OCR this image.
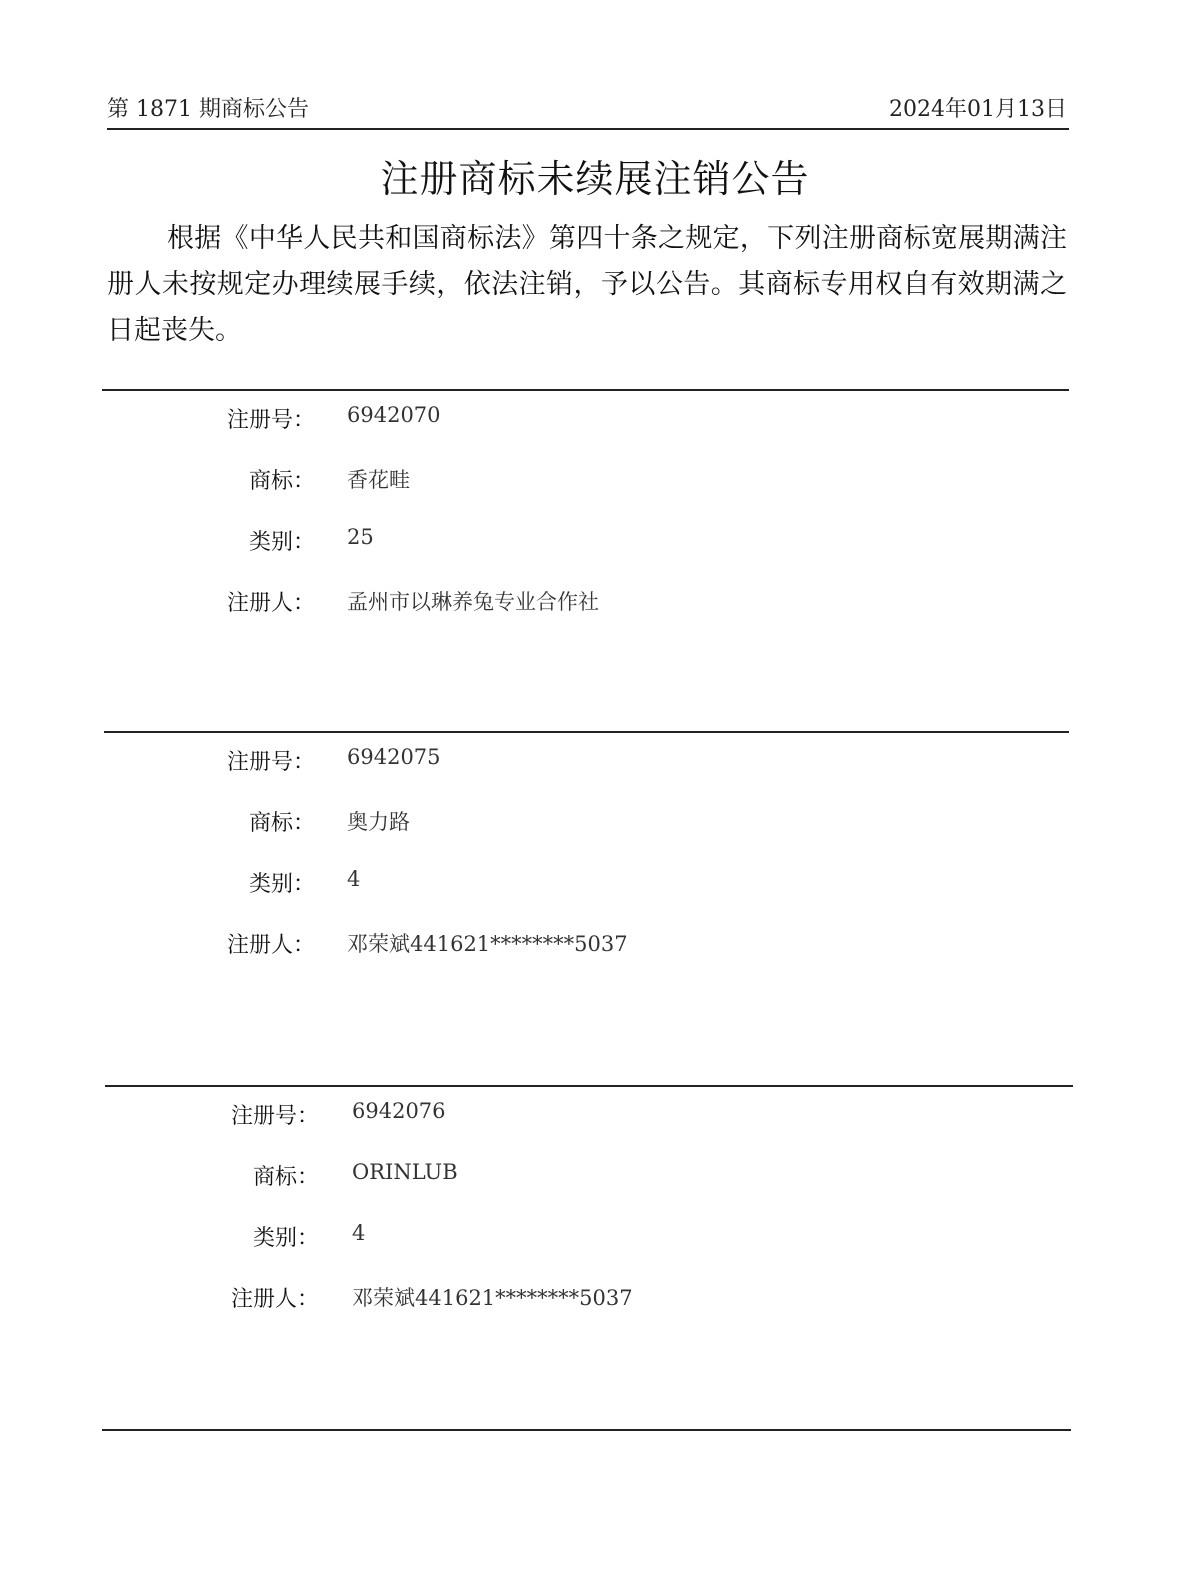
第 1871 期商标公告	2024年01月13日
注册商标未续展注销公告

根据《中华人民共和国商标法》第四十条之规定，下列注册商标宽展期满注册人未按规定办理续展手续，依法注销，予以公告。其商标专用权自有效期满之日起丧失。

注册号： 6942070
商标： 香花畦
类别： 25
注册人： 孟州市以琳养兔专业合作社
注册号： 6942075
商标： 奥力路
类别： 4
注册人： 邓荣斌441621********5037
注册号： 6942076
商标： ORINLUB
类别： 4
注册人： 邓荣斌441621********5037
